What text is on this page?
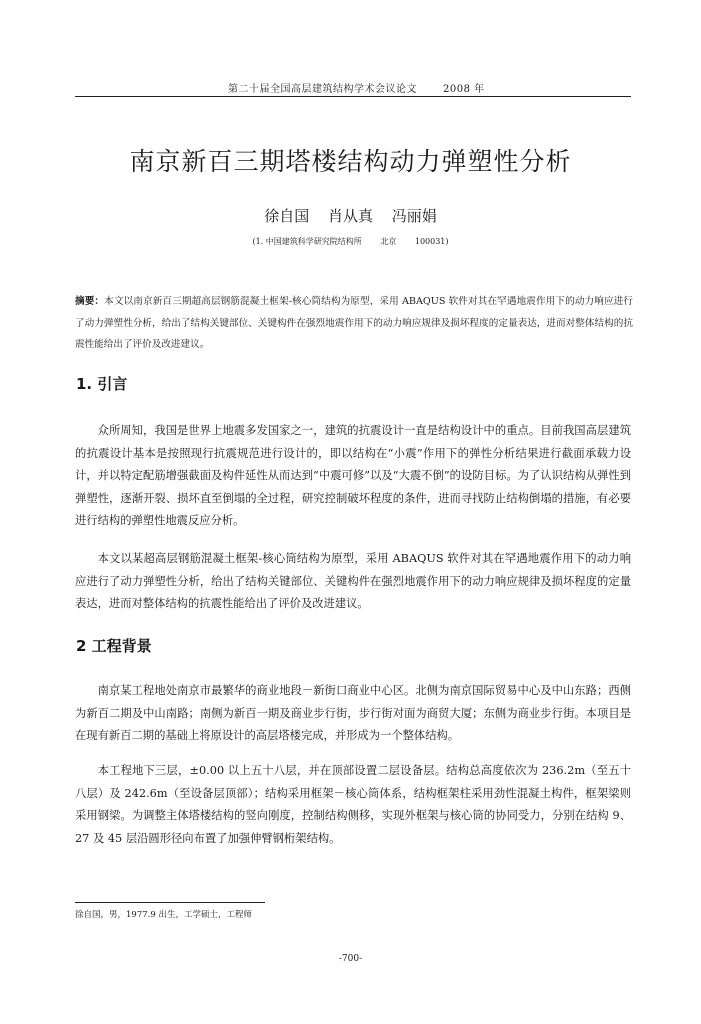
第二十届全国高层建筑结构学术会议论文	2008 年
南京新百三期塔楼结构动力弹塑性分析
徐自国 肖从真 冯丽娟
(1. 中国建筑科学研究院结构所 北京 100031)
摘要：本文以南京新百三期超高层钢筋混凝土框架-核心筒结构为原型，采用 ABAQUS 软件对其在罕遇地震作用下的动力响应进行了动力弹塑性分析，给出了结构关键部位、关键构件在强烈地震作用下的动力响应规律及损坏程度的定量表达，进而对整体结构的抗震性能给出了评价及改进建议。
1. 引言

众所周知，我国是世界上地震多发国家之一，建筑的抗震设计一直是结构设计中的重点。目前我国高层建筑的抗震设计基本是按照现行抗震规范进行设计的，即以结构在“小震”作用下的弹性分析结果进行截面承载力设计，并以特定配筋增强截面及构件延性从而达到“中震可修”以及“大震不倒”的设防目标。为了认识结构从弹性到弹塑性，逐渐开裂、损坏直至倒塌的全过程，研究控制破坏程度的条件，进而寻找防止结构倒塌的措施，有必要进行结构的弹塑性地震反应分析。

本文以某超高层钢筋混凝土框架-核心筒结构为原型，采用 ABAQUS 软件对其在罕遇地震作用下的动力响应进行了动力弹塑性分析，给出了结构关键部位、关键构件在强烈地震作用下的动力响应规律及损坏程度的定量表达，进而对整体结构的抗震性能给出了评价及改进建议。

2 工程背景

南京某工程地处南京市最繁华的商业地段－新街口商业中心区。北侧为南京国际贸易中心及中山东路；西侧为新百二期及中山南路；南侧为新百一期及商业步行街，步行街对面为商贸大厦；东侧为商业步行街。本项目是在现有新百二期的基础上将原设计的高层塔楼完成，并形成为一个整体结构。

本工程地下三层，±0.00 以上五十八层，并在顶部设置二层设备层。结构总高度依次为 236.2m（至五十八层）及 242.6m（至设备层顶部）；结构采用框架－核心筒体系，结构框架柱采用劲性混凝土构件，框架梁则采用钢梁。为调整主体塔楼结构的竖向刚度，控制结构侧移，实现外框架与核心筒的协同受力，分别在结构 9、27 及 45 层沿圆形径向布置了加强伸臂钢桁架结构。

徐自国，男，1977.9 出生，工学硕士，工程师
-700-
